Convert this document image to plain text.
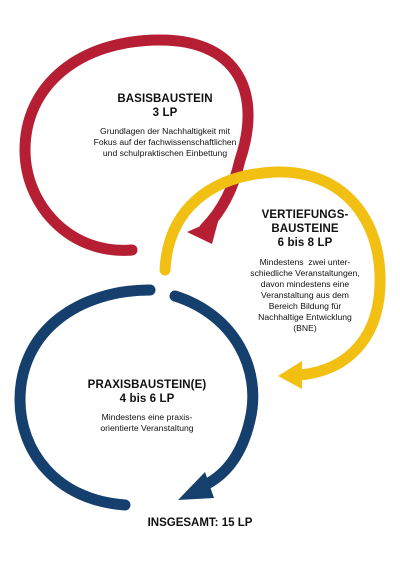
BASISBAUSTEIN
3 LP
Grundlagen der Nachhaltigkeit mit
Fokus auf der fachwissenschaftlichen
und schulpraktischen Einbettung
VERTIEFUNGS-
BAUSTEINE
6 bis 8 LP
Mindestens  zwei unter-
schiedliche Veranstaltungen,
davon mindestens eine
Veranstaltung aus dem
Bereich Bildung für
Nachhaltige Entwicklung
(BNE)
PRAXISBAUSTEIN(E)
4 bis 6 LP
Mindestens eine praxis-
orientierte Veranstaltung
INSGESAMT: 15 LP
